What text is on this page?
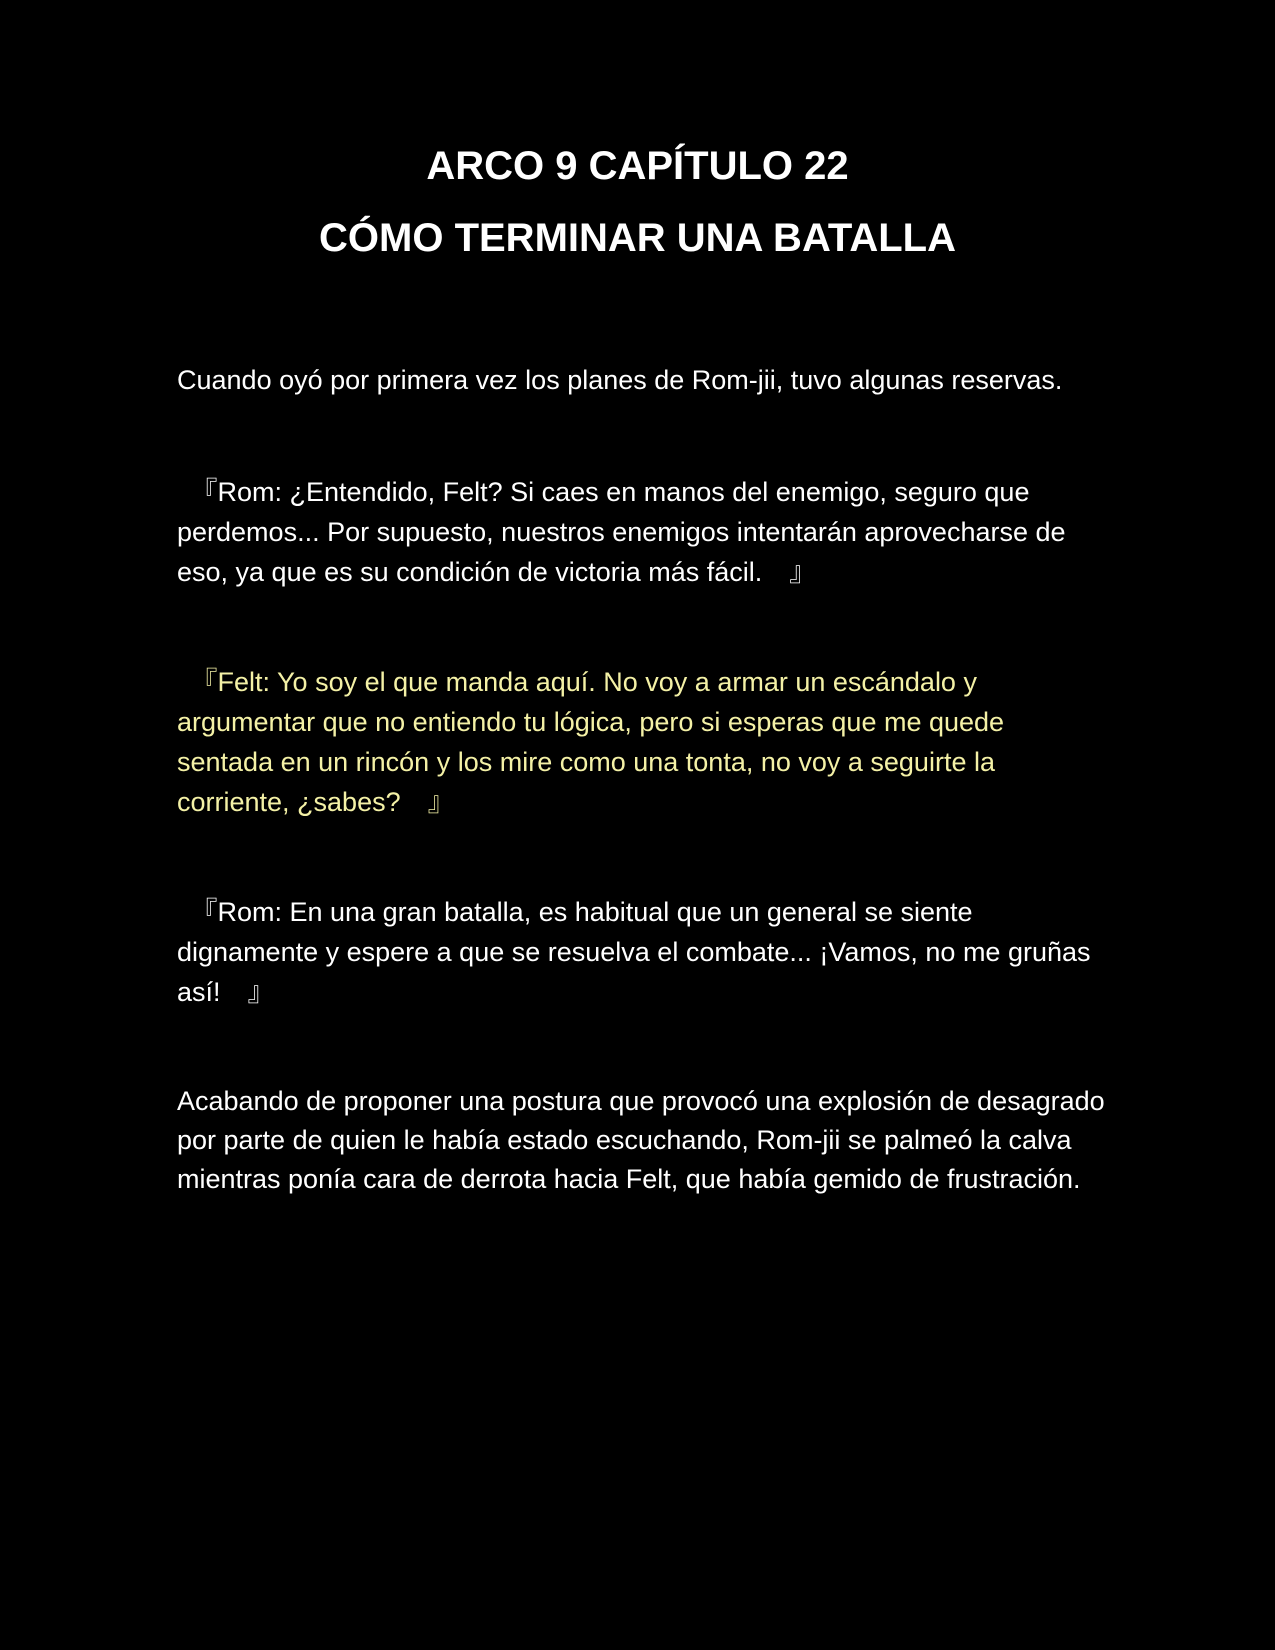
ARCO 9 CAPÍTULO 22
CÓMO TERMINAR UNA BATALLA

Cuando oyó por primera vez los planes de Rom-jii, tuvo algunas reservas.

　『Rom: ¿Entendido, Felt? Si caes en manos del enemigo, seguro que perdemos... Por supuesto, nuestros enemigos intentarán aprovecharse de eso, ya que es su condición de victoria más fácil.　』

　『Felt: Yo soy el que manda aquí. No voy a armar un escándalo y argumentar que no entiendo tu lógica, pero si esperas que me quede sentada en un rincón y los mire como una tonta, no voy a seguirte la corriente, ¿sabes?　』

　『Rom: En una gran batalla, es habitual que un general se siente dignamente y espere a que se resuelva el combate... ¡Vamos, no me gruñas así!　』

Acabando de proponer una postura que provocó una explosión de desagrado por parte de quien le había estado escuchando, Rom-jii se palmeó la calva mientras ponía cara de derrota hacia Felt, que había gemido de frustración.
